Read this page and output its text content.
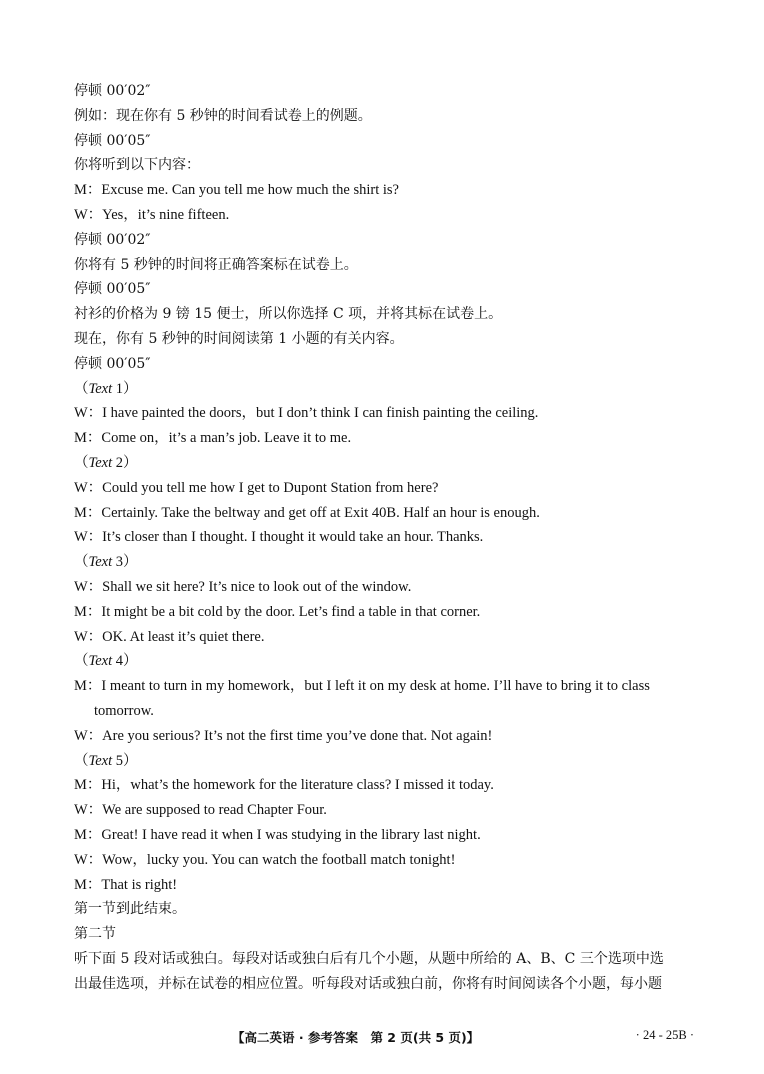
停顿 00′02″
例如：现在你有 5 秒钟的时间看试卷上的例题。
停顿 00′05″
你将听到以下内容：
M：Excuse me. Can you tell me how much the shirt is?
W：Yes，it’s nine fifteen.
停顿 00′02″
你将有 5 秒钟的时间将正确答案标在试卷上。
停顿 00′05″
衬衫的价格为 9 镑 15 便士，所以你选择 C 项，并将其标在试卷上。
现在，你有 5 秒钟的时间阅读第 1 小题的有关内容。
停顿 00′05″
（Text 1）
W：I have painted the doors，but I don’t think I can finish painting the ceiling.
M：Come on，it’s a man’s job. Leave it to me.
（Text 2）
W：Could you tell me how I get to Dupont Station from here?
M：Certainly. Take the beltway and get off at Exit 40B. Half an hour is enough.
W：It’s closer than I thought. I thought it would take an hour. Thanks.
（Text 3）
W：Shall we sit here? It’s nice to look out of the window.
M：It might be a bit cold by the door. Let’s find a table in that corner.
W：OK. At least it’s quiet there.
（Text 4）
M：I meant to turn in my homework，but I left it on my desk at home. I’ll have to bring it to class tomorrow.
W：Are you serious? It’s not the first time you’ve done that. Not again!
（Text 5）
M：Hi，what’s the homework for the literature class? I missed it today.
W：We are supposed to read Chapter Four.
M：Great! I have read it when I was studying in the library last night.
W：Wow，lucky you. You can watch the football match tonight!
M：That is right!
第一节到此结束。
第二节
听下面 5 段对话或独白。每段对话或独白后有几个小题，从题中所给的 A、B、C 三个选项中选
出最佳选项，并标在试卷的相应位置。听每段对话或独白前，你将有时间阅读各个小题，每小题
【高二英语 · 参考答案　第 2 页(共 5 页)】	· 24 - 25B ·
